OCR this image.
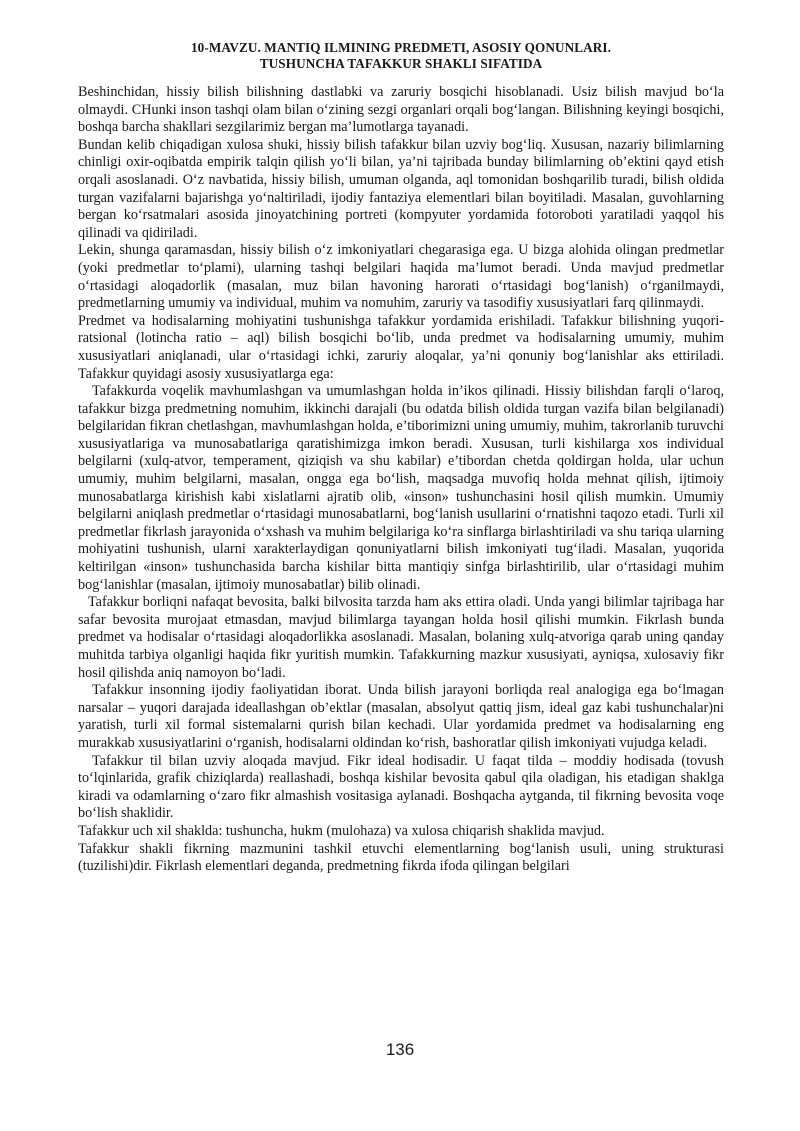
10-MAVZU. MANTIQ ILMINING PREDMETI, ASOSIY QONUNLARI.
TUSHUNCHA TAFAKKUR SHAKLI SIFATIDA

Beshinchidan, hissiy bilish bilishning dastlabki va zaruriy bosqichi hisoblanadi. Usiz bilish mavjud bo‘la olmaydi. CHunki inson tashqi olam bilan o‘zining sezgi organlari orqali bog‘langan. Bilishning keyingi bosqichi, boshqa barcha shakllari sezgilarimiz bergan ma’lumotlarga tayanadi.

Bundan kelib chiqadigan xulosa shuki, hissiy bilish tafakkur bilan uzviy bog‘liq. Xususan, nazariy bilimlarning chinligi oxir-oqibatda empirik talqin qilish yo‘li bilan, ya’ni tajribada bunday bilimlarning ob’ektini qayd etish orqali asoslanadi. O‘z navbatida, hissiy bilish, umuman olganda, aql tomonidan boshqarilib turadi, bilish oldida turgan vazifalarni bajarishga yo‘naltiriladi, ijodiy fantaziya elementlari bilan boyitiladi. Masalan, guvohlarning bergan ko‘rsatmalari asosida jinoyatchining portreti (kompyuter yordamida fotoroboti yaratiladi yaqqol his qilinadi va qidiriladi.

Lekin, shunga qaramasdan, hissiy bilish o‘z imkoniyatlari chegarasiga ega. U bizga alohida olingan predmetlar (yoki predmetlar to‘plami), ularning tashqi belgilari haqida ma’lumot beradi. Unda mavjud predmetlar o‘rtasidagi aloqadorlik (masalan, muz bilan havoning harorati o‘rtasidagi bog‘lanish) o‘rganilmaydi, predmetlarning umumiy va individual, muhim va nomuhim, zaruriy va tasodifiy xususiyatlari farq qilinmaydi.

Predmet va hodisalarning mohiyatini tushunishga tafakkur yordamida erishiladi. Tafakkur bilishning yuqori-ratsional (lotincha ratio – aql) bilish bosqichi bo‘lib, unda predmet va hodisalarning umumiy, muhim xususiyatlari aniqlanadi, ular o‘rtasidagi ichki, zaruriy aloqalar, ya’ni qonuniy bog‘lanishlar aks ettiriladi. Tafakkur quyidagi asosiy xususiyatlarga ega:

Tafakkurda voqelik mavhumlashgan va umumlashgan holda in’ikos qilinadi. Hissiy bilishdan farqli o‘laroq, tafakkur bizga predmetning nomuhim, ikkinchi darajali (bu odatda bilish oldida turgan vazifa bilan belgilanadi) belgilaridan fikran chetlashgan, mavhumlashgan holda, e’tiborimizni uning umumiy, muhim, takrorlanib turuvchi xususiyatlariga va munosabatlariga qaratishimizga imkon beradi. Xususan, turli kishilarga xos individual belgilarni (xulq-atvor, temperament, qiziqish va shu kabilar) e’tibordan chetda qoldirgan holda, ular uchun umumiy, muhim belgilarni, masalan, ongga ega bo‘lish, maqsadga muvofiq holda mehnat qilish, ijtimoiy munosabatlarga kirishish kabi xislatlarni ajratib olib, «inson» tushunchasini hosil qilish mumkin. Umumiy belgilarni aniqlash predmetlar o‘rtasidagi munosabatlarni, bog‘lanish usullarini o‘rnatishni taqozo etadi. Turli xil predmetlar fikrlash jarayonida o‘xshash va muhim belgilariga ko‘ra sinflarga birlashtiriladi va shu tariqa ularning mohiyatini tushunish, ularni xarakterlaydigan qonuniyatlarni bilish imkoniyati tug‘iladi. Masalan, yuqorida keltirilgan «inson» tushunchasida barcha kishilar bitta mantiqiy sinfga birlashtirilib, ular o‘rtasidagi muhim bog‘lanishlar (masalan, ijtimoiy munosabatlar) bilib olinadi.

Tafakkur borliqni nafaqat bevosita, balki bilvosita tarzda ham aks ettira oladi. Unda yangi bilimlar tajribaga har safar bevosita murojaat etmasdan, mavjud bilimlarga tayangan holda hosil qilishi mumkin. Fikrlash bunda predmet va hodisalar o‘rtasidagi aloqadorlikka asoslanadi. Masalan, bolaning xulq-atvoriga qarab uning qanday muhitda tarbiya olganligi haqida fikr yuritish mumkin. Tafakkurning mazkur xususiyati, ayniqsa, xulosaviy fikr hosil qilishda aniq namoyon bo‘ladi.

Tafakkur insonning ijodiy faoliyatidan iborat. Unda bilish jarayoni borliqda real analogiga ega bo‘lmagan narsalar – yuqori darajada ideallashgan ob’ektlar (masalan, absolyut qattiq jism, ideal gaz kabi tushunchalar)ni yaratish, turli xil formal sistemalarni qurish bilan kechadi. Ular yordamida predmet va hodisalarning eng murakkab xususiyatlarini o‘rganish, hodisalarni oldindan ko‘rish, bashoratlar qilish imkoniyati vujudga keladi.

Tafakkur til bilan uzviy aloqada mavjud. Fikr ideal hodisadir. U faqat tilda – moddiy hodisada (tovush to‘lqinlarida, grafik chiziqlarda) reallashadi, boshqa kishilar bevosita qabul qila oladigan, his etadigan shaklga kiradi va odamlarning o‘zaro fikr almashish vositasiga aylanadi. Boshqacha aytganda, til fikrning bevosita voqe bo‘lish shaklidir.

Tafakkur uch xil shaklda: tushuncha, hukm (mulohaza) va xulosa chiqarish shaklida mavjud.

Tafakkur shakli fikrning mazmunini tashkil etuvchi elementlarning bog‘lanish usuli, uning strukturasi (tuzilishi)dir. Fikrlash elementlari deganda, predmetning fikrda ifoda qilingan belgilari

136
